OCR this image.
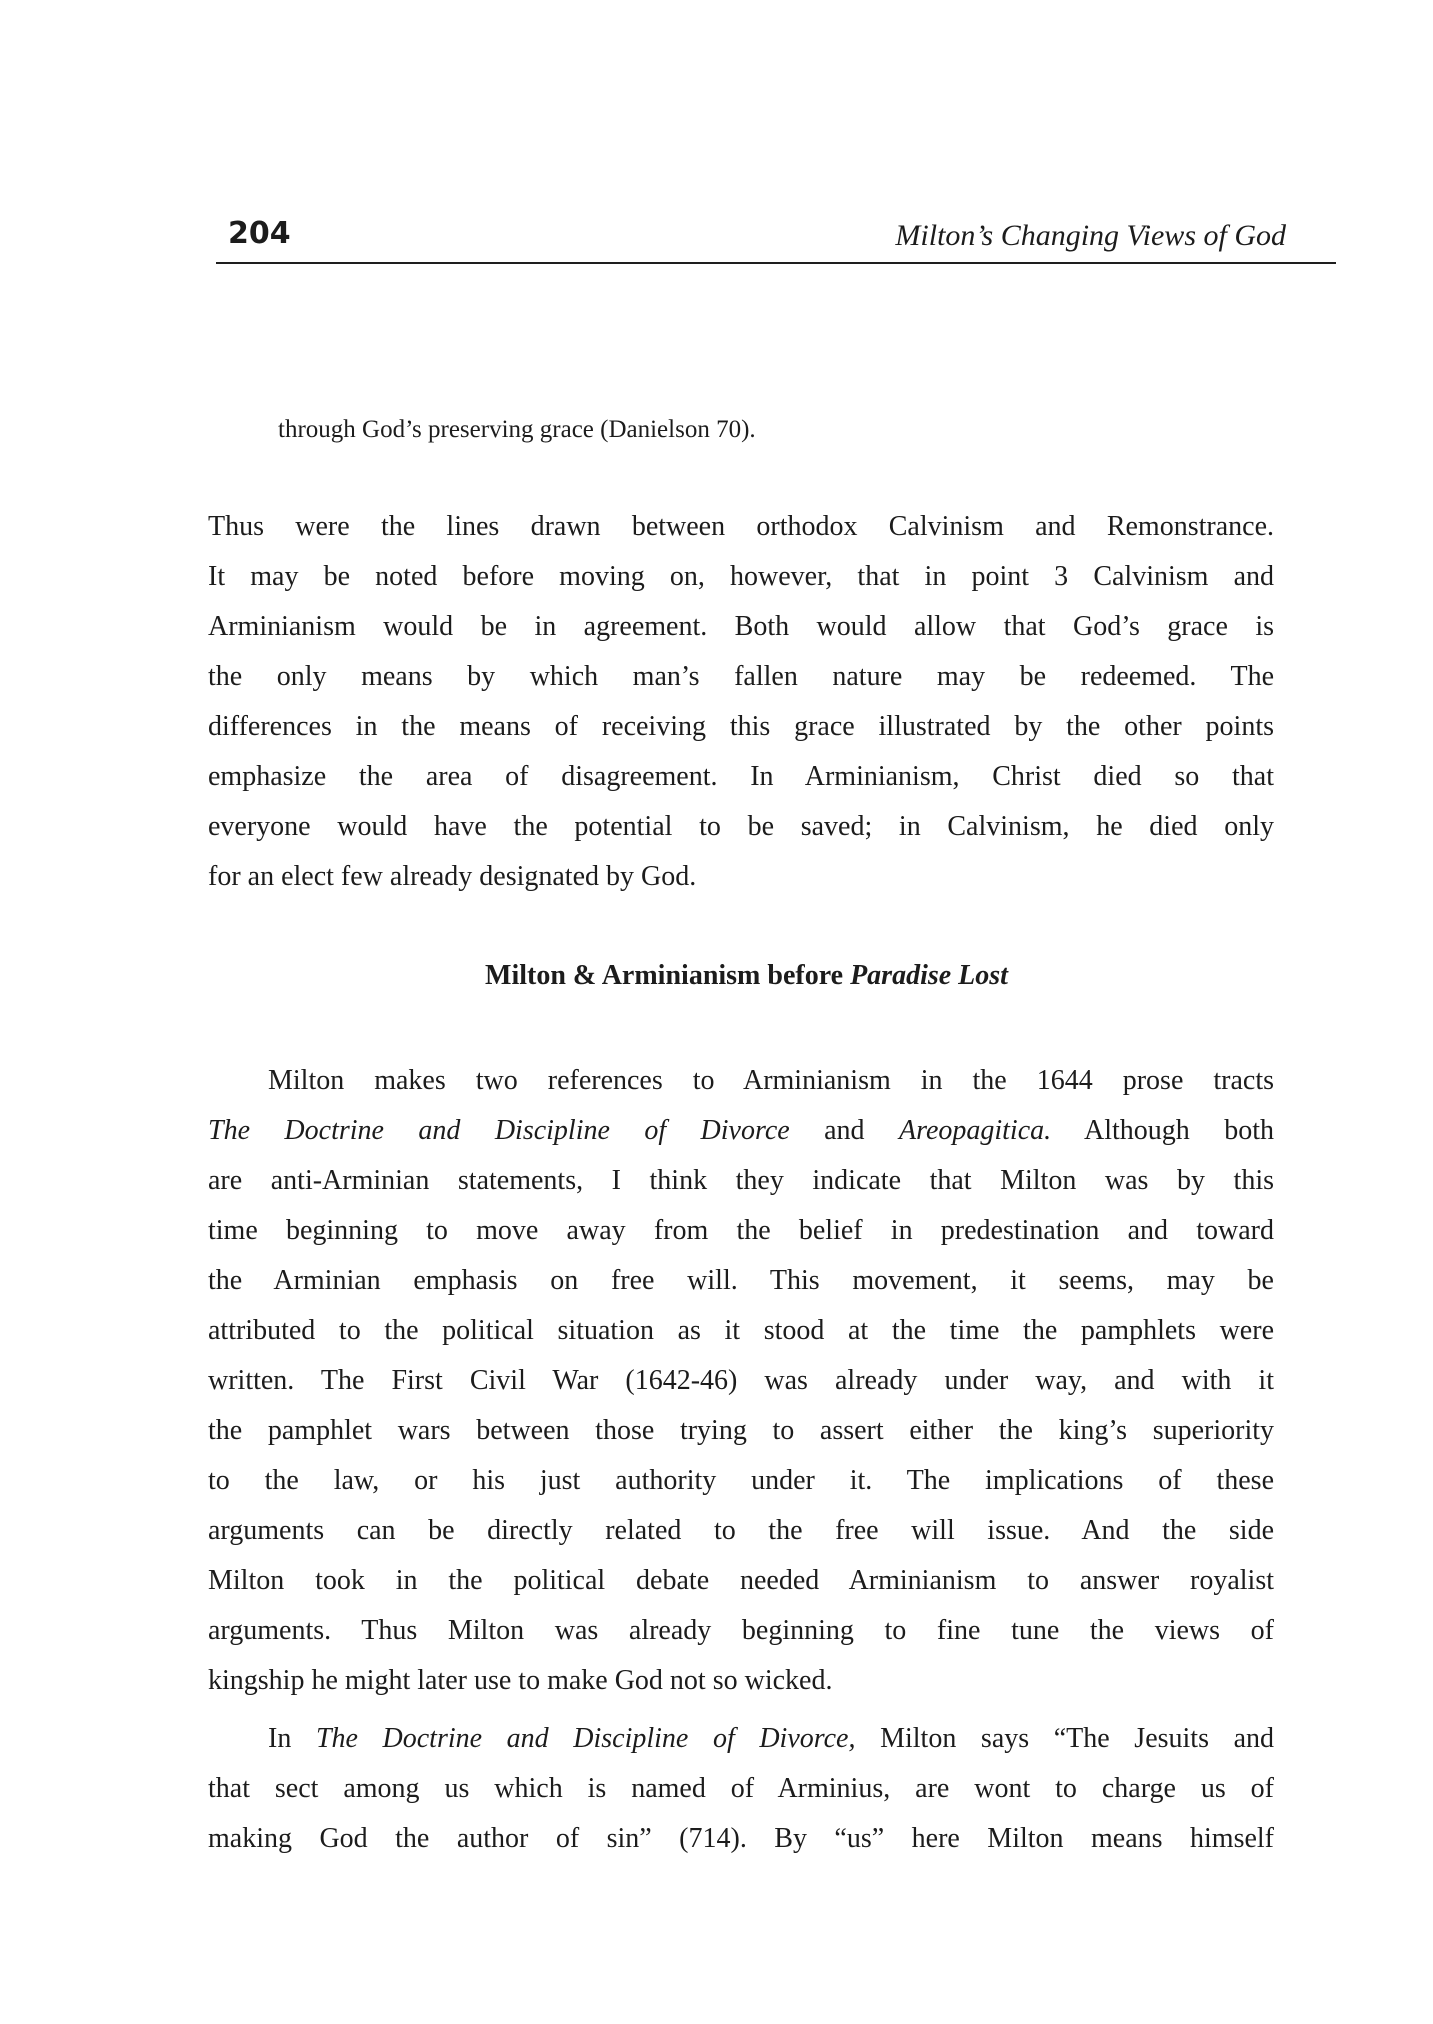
204	Milton’s Changing Views of God

through God’s preserving grace (Danielson 70).

Thus were the lines drawn between orthodox Calvinism and Remonstrance.
It may be noted before moving on, however, that in point 3 Calvinism and
Arminianism would be in agreement. Both would allow that God’s grace is
the only means by which man’s fallen nature may be redeemed. The
differences in the means of receiving this grace illustrated by the other points
emphasize the area of disagreement. In Arminianism, Christ died so that
everyone would have the potential to be saved; in Calvinism, he died only
for an elect few already designated by God.
Milton & Arminianism before Paradise Lost
Milton makes two references to Arminianism in the 1644 prose tracts
The Doctrine and Discipline of Divorce and Areopagitica. Although both
are anti-Arminian statements, I think they indicate that Milton was by this
time beginning to move away from the belief in predestination and toward
the Arminian emphasis on free will. This movement, it seems, may be
attributed to the political situation as it stood at the time the pamphlets were
written. The First Civil War (1642-46) was already under way, and with it
the pamphlet wars between those trying to assert either the king’s superiority
to the law, or his just authority under it. The implications of these
arguments can be directly related to the free will issue. And the side
Milton took in the political debate needed Arminianism to answer royalist
arguments. Thus Milton was already beginning to fine tune the views of
kingship he might later use to make God not so wicked.
In The Doctrine and Discipline of Divorce, Milton says “The Jesuits and
that sect among us which is named of Arminius, are wont to charge us of
making God the author of sin” (714). By “us” here Milton means himself
